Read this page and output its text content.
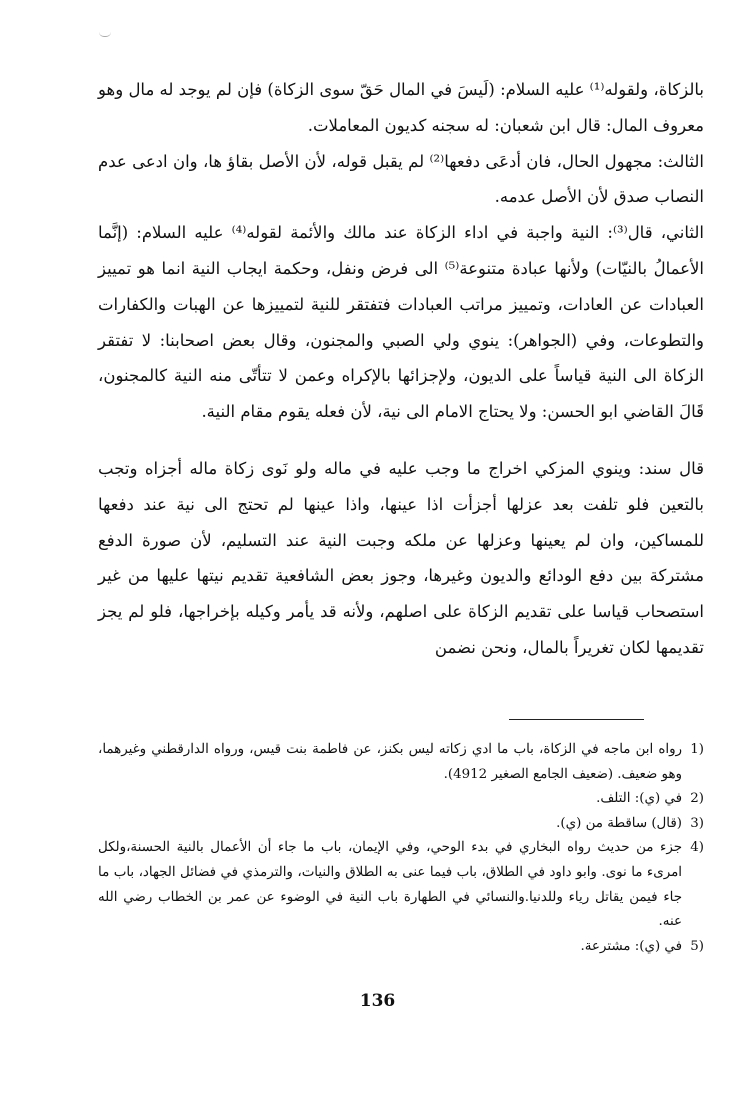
بالزكاة، ولقوله⁽¹⁾ عليه السلام: (لَيسَ في المال حَقّ سوى الزكاة) فإن لم يوجد له مال وهو معروف المال: قال ابن شعبان: له سجنه كديون المعاملات.

الثالث: مجهول الحال، فان أدعَى دفعها⁽²⁾ لم يقبل قوله، لأن الأصل بقاؤ ها، وان ادعى عدم النصاب صدق لأن الأصل عدمه.

الثاني، قال⁽³⁾: النية واجبة في اداء الزكاة عند مالك والأئمة لقوله⁽⁴⁾ عليه السلام: (إنَّما الأعمالُ بالنيّات) ولأنها عبادة متنوعة⁽⁵⁾ الى فرض ونفل، وحكمة ايجاب النية انما هو تمييز العبادات عن العادات، وتمييز مراتب العبادات فتفتقر للنية لتمييزها عن الهبات والكفارات والتطوعات، وفي (الجواهر): ينوي ولي الصبي والمجنون، وقال بعض اصحابنا: لا تفتقر الزكاة الى النية قياساً على الديون، ولإجزائها بالإكراه وعمن لا تتأتّى منه النية كالمجنون، قَالَ القاضي ابو الحسن: ولا يحتاج الامام الى نية، لأن فعله يقوم مقام النية.

قال سند: وينوي المزكي اخراج ما وجب عليه في ماله ولو نَوى زكاة ماله أجزاه وتجب بالتعين فلو تلفت بعد عزلها أجزأت اذا عينها، واذا عينها لم تحتج الى نية عند دفعها للمساكين، وان لم يعينها وعزلها عن ملكه وجبت النية عند التسليم، لأن صورة الدفع مشتركة بين دفع الودائع والديون وغيرها، وجوز بعض الشافعية تقديم نيتها عليها من غير استصحاب قياسا على تقديم الزكاة على اصلهم، ولأنه قد يأمر وكيله بإخراجها، فلو لم يجز تقديمها لكان تغريراً بالمال، ونحن نضمن

1)
رواه ابن ماجه في الزكاة، باب ما ادي زكاته ليس بكنز، عن فاطمة بنت قيس، ورواه الدارقطني وغيرهما، وهو ضعيف. (ضعيف الجامع الصغير 4912).
2)
في (ي): التلف.
3)
(قال) ساقطة من (ي).
4)
جزء من حديث رواه البخاري في بدء الوحي، وفي الإيمان، باب ما جاء أن الأعمال بالنية الحسنة،ولكل امرىء ما نوى. وابو داود في الطلاق، باب فيما عنى به الطلاق والنيات، والترمذي في فضائل الجهاد، باب ما جاء فيمن يقاتل رياء وللدنيا.والنسائي في الطهارة باب النية في الوضوء عن عمر بن الخطاب رضي الله عنه.
5)
في (ي): مشترعة.
136
